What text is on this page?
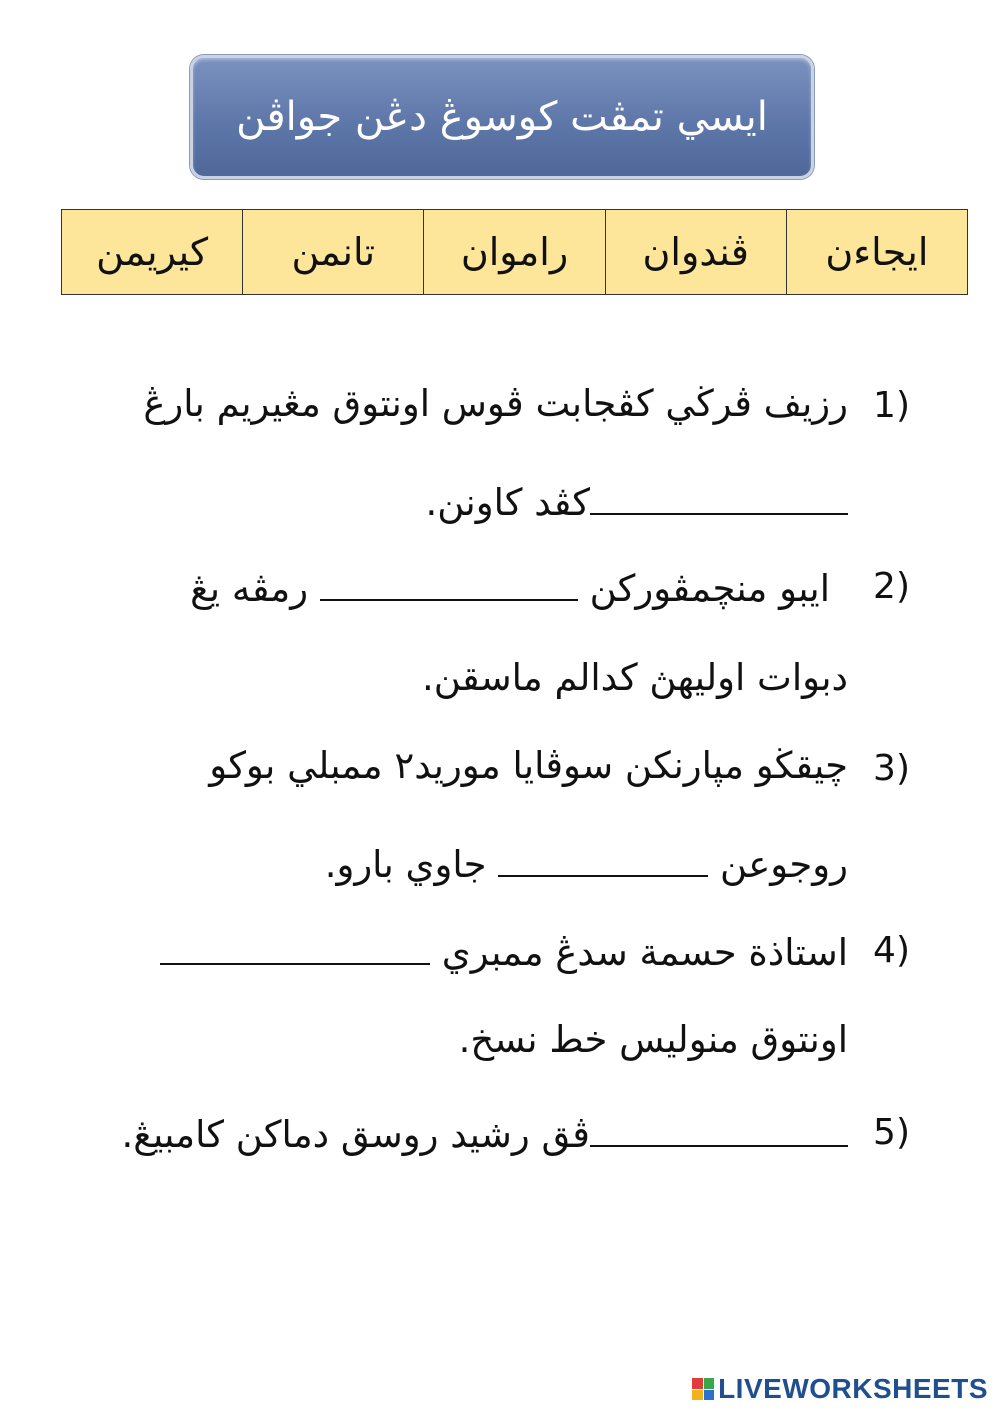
ايسي تمڤت كوسوڠ دڠن جواڤن
ايجاءن
ڤندوان
راموان
تانمن
كيريمن
1)
رزيف ڤرڬي كڤجابت ڤوس اونتوق مڠيريم بارڠ
كڤد كاونن.
2)
ايبو منچمڤوركن  رمڤه يڠ
دبوات اوليهڽ كدالم ماسقن.
3)
چيقڬو مپارنكن سوڤايا موريد٢ ممبلي بوكو
روجوعن  جاوي بارو.
4)
استاذة حسمة سدڠ ممبري
اونتوق منوليس خط نسخ.
5)
ڤق رشيد روسق دماكن كامبيڠ.
LIVEWORKSHEETS
